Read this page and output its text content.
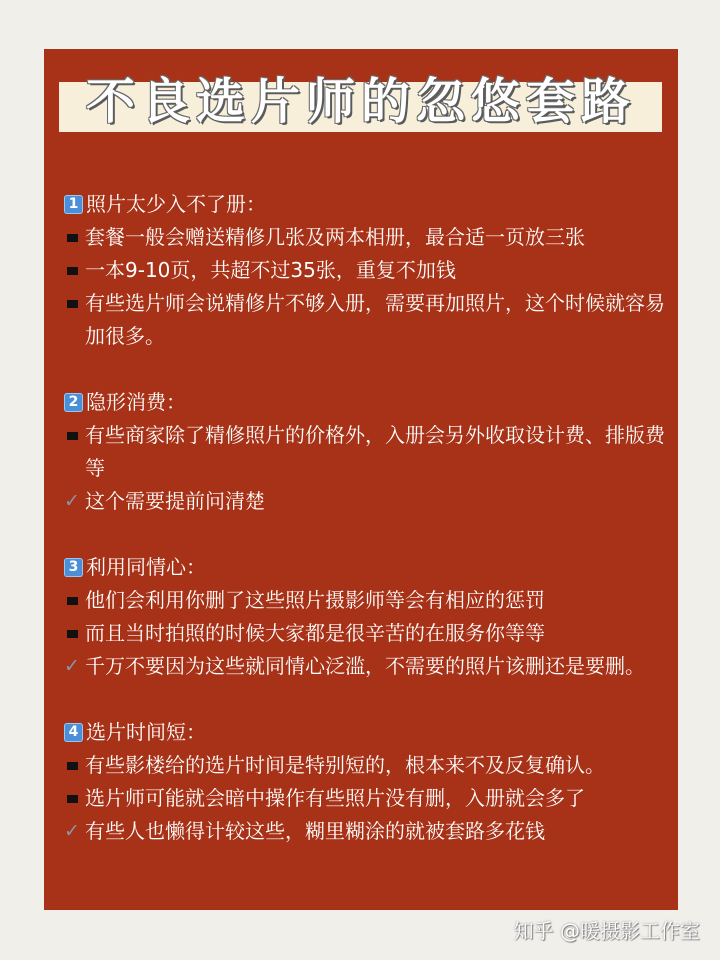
不良选片师的忽悠套路
1 照片太少入不了册：
套餐一般会赠送精修几张及两本相册，最合适一页放三张
一本9-10页，共超不过35张，重复不加钱
有些选片师会说精修片不够入册，需要再加照片，这个时候就容易加很多。
2 隐形消费：
有些商家除了精修照片的价格外，入册会另外收取设计费、排版费等
✓ 这个需要提前问清楚
3 利用同情心：
他们会利用你删了这些照片摄影师等会有相应的惩罚
而且当时拍照的时候大家都是很辛苦的在服务你等等
✓ 千万不要因为这些就同情心泛滥，不需要的照片该删还是要删。
4 选片时间短：
有些影楼给的选片时间是特别短的，根本来不及反复确认。
选片师可能就会暗中操作有些照片没有删，入册就会多了
✓ 有些人也懒得计较这些，糊里糊涂的就被套路多花钱
知乎 @暖摄影工作室
